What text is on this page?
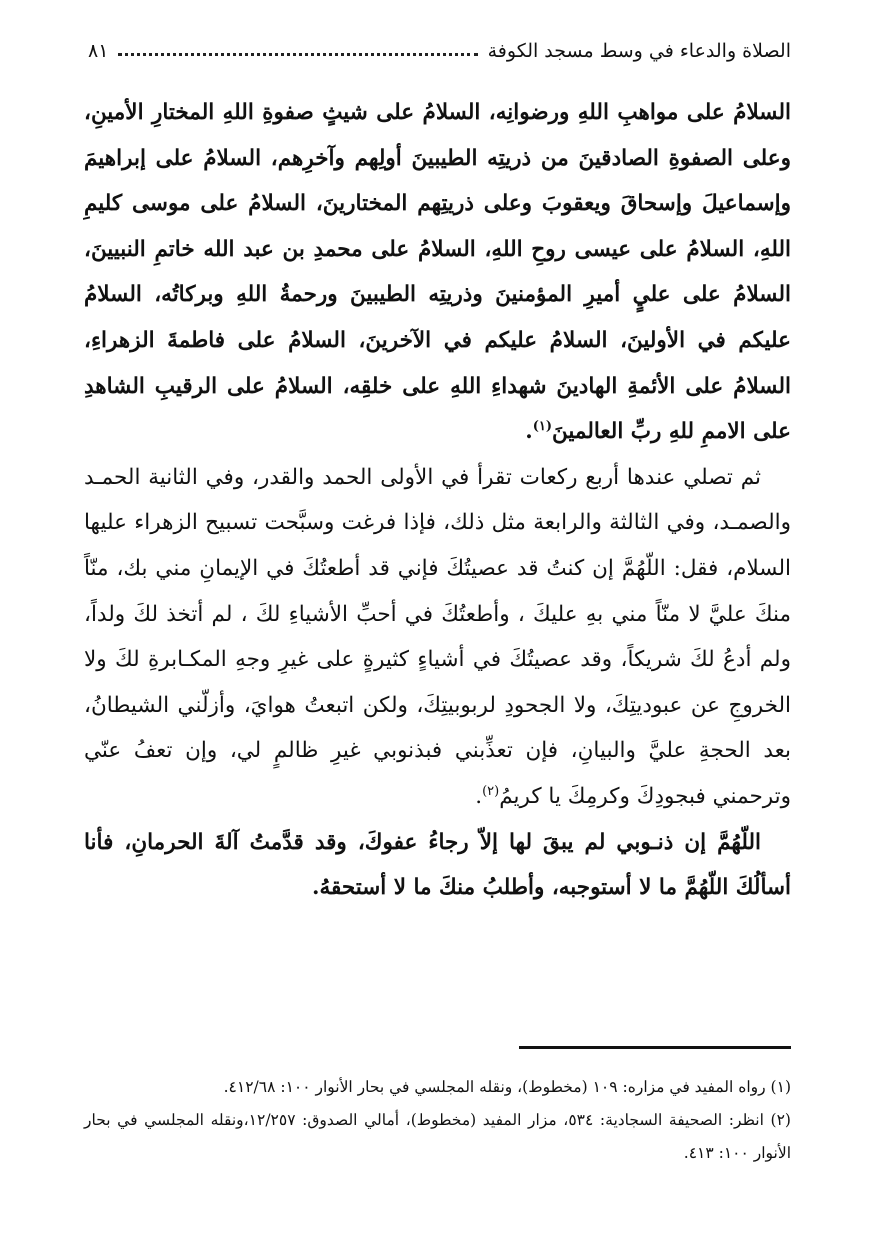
الصلاة والدعاء في وسط مسجد الكوفة
٨١

السلامُ على مواهبِ اللهِ ورضوانِه، السلامُ على شيثٍ صفوةِ اللهِ المختارِ الأمينِ، وعلى الصفوةِ الصادقينَ من ذريتِه الطيبينَ أولِهم وآخرِهم، السلامُ على إبراهيمَ وإسماعيلَ وإسحاقَ ويعقوبَ وعلى ذريتِهم المختارينَ، السلامُ على موسى كليمِ اللهِ، السلامُ على عيسى روحِ اللهِ، السلامُ على محمدِ بن عبد الله خاتمِ النبيينَ، السلامُ على عليٍ أميرِ المؤمنينَ وذريتِه الطيبينَ ورحمةُ اللهِ وبركاتُه، السلامُ عليكم في الأولينَ، السلامُ عليكم في الآخرينَ، السلامُ على فاطمةَ الزهراءِ، السلامُ على الأئمةِ الهادينَ شهداءِ اللهِ على خلقِه، السلامُ على الرقيبِ الشاهدِ على الاممِ للهِ ربِّ العالمينَ$^{(١)}$.

ثم تصلي عندها أربع ركعات تقرأ في الأولى الحمد والقدر، وفي الثانية الحمـد والصمـد، وفي الثالثة والرابعة مثل ذلك، فإذا فرغت وسبَّحت تسبيح الزهراء عليها السلام، فقل: اللّهُمَّ إن كنتُ قد عصيتُكَ فإني قد أطعتُكَ في الإيمانِ مني بك، منّاً منكَ عليَّ لا منّاً مني بهِ عليكَ ، وأطعتُكَ في أحبِّ الأشياءِ لكَ ، لم أتخذ لكَ ولداً، ولم أدعُ لكَ شريكاً، وقد عصيتُكَ في أشياءٍ كثيرةٍ على غيرِ وجهِ المكـابرةِ لكَ ولا الخروجِ عن عبوديتِكَ، ولا الجحودِ لربوبيتِكَ، ولكن اتبعتُ هوايَ، وأزلّني الشيطانُ، بعد الحجةِ عليَّ والبيانِ، فإن تعذِّبني فبذنوبي غيرِ ظالمٍ لي، وإن تعفُ عنّي وترحمني فبجودِكَ وكرمِكَ يا كريمُ$^{(٢)}$.

اللّهُمَّ إن ذنـوبي لم يبقَ لها إلاّ رجاءُ عفوكَ، وقد قدَّمتُ آلةَ الحرمانِ، فأنا أسألُكَ اللّهُمَّ ما لا أستوجبه، وأطلبُ منكَ ما لا أستحقهُ.

(١) رواه المفيد في مزاره: ١٠٩ (مخطوط)، ونقله المجلسي في بحار الأنوار ١٠٠: ٤١٢/٦٨.

(٢) انظر: الصحيفة السجادية: ٥٣٤، مزار المفيد (مخطوط)، أمالي الصدوق: ١٢/٢٥٧،ونقله المجلسي في بحار الأنوار ١٠٠: ٤١٣.
